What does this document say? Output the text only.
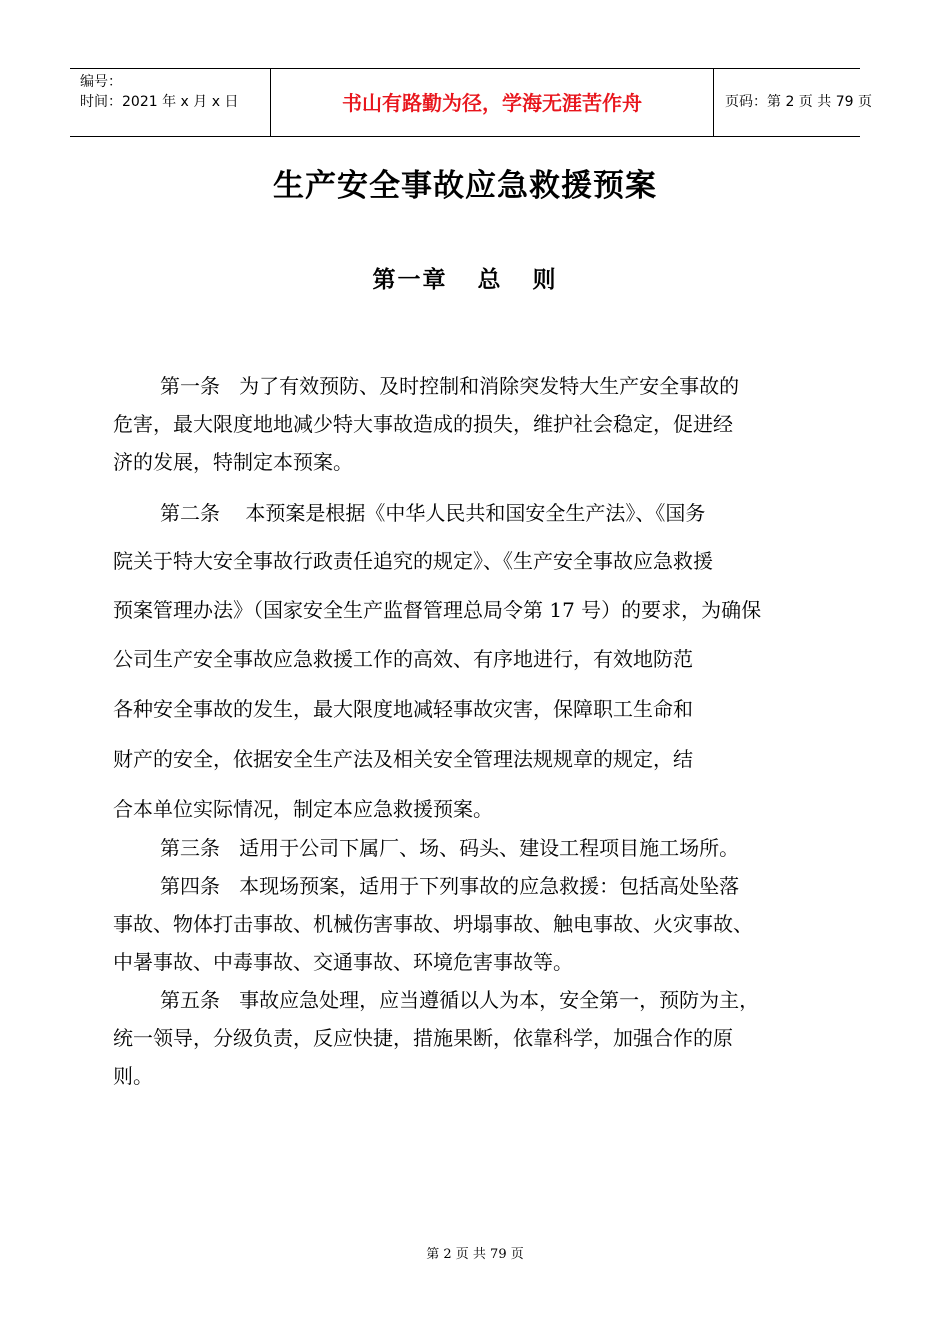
编号：
时间：2021 年 x 月 x 日	书山有路勤为径，学海无涯苦作舟	页码：第 2 页 共 79 页
生产安全事故应急救援预案
第一章   总   则
第一条   为了有效预防、及时控制和消除突发特大生产安全事故的
危害，最大限度地地减少特大事故造成的损失，维护社会稳定，促进经
济的发展，特制定本预案。
第二条    本预案是根据《中华人民共和国安全生产法》、《国务
院关于特大安全事故行政责任追究的规定》、《生产安全事故应急救援
预案管理办法》（国家安全生产监督管理总局令第 17 号）的要求，为确保
公司生产安全事故应急救援工作的高效、有序地进行，有效地防范
各种安全事故的发生，最大限度地减轻事故灾害，保障职工生命和
财产的安全，依据安全生产法及相关安全管理法规规章的规定，结
合本单位实际情况，制定本应急救援预案。
第三条   适用于公司下属厂、场、码头、建设工程项目施工场所。
第四条   本现场预案，适用于下列事故的应急救援：包括高处坠落
事故、物体打击事故、机械伤害事故、坍塌事故、触电事故、火灾事故、
中暑事故、中毒事故、交通事故、环境危害事故等。
第五条   事故应急处理，应当遵循以人为本，安全第一，预防为主，
统一领导，分级负责，反应快捷，措施果断，依靠科学，加强合作的原
则。
第 2 页 共 79 页
